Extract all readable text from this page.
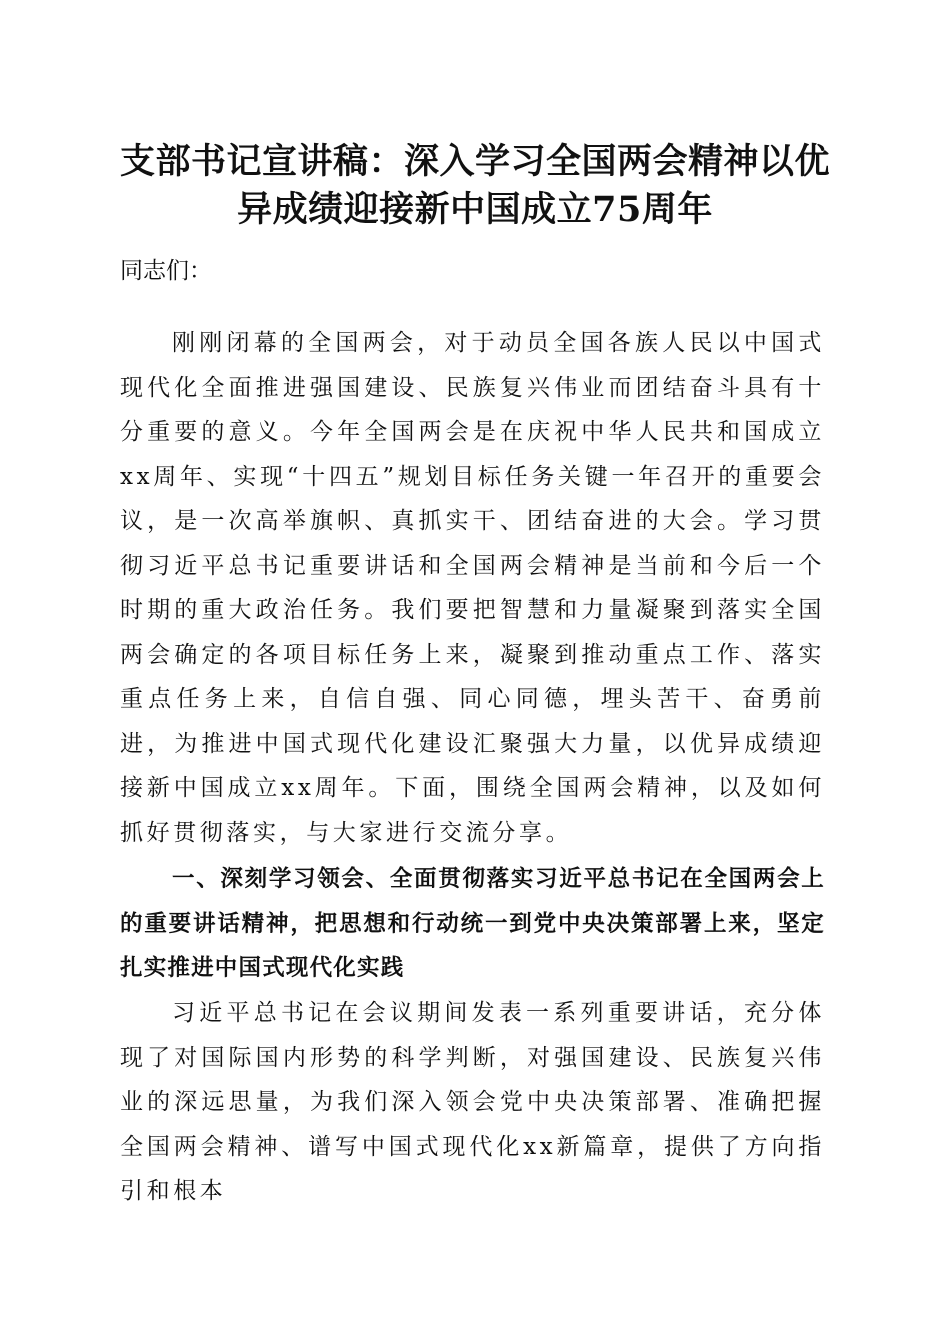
支部书记宣讲稿：深入学习全国两会精神以优
异成绩迎接新中国成立75周年

同志们：

刚刚闭幕的全国两会，对于动员全国各族人民以中国式现代化全面推进强国建设、民族复兴伟业而团结奋斗具有十分重要的意义。今年全国两会是在庆祝中华人民共和国成立xx周年、实现“十四五”规划目标任务关键一年召开的重要会议，是一次高举旗帜、真抓实干、团结奋进的大会。学习贯彻习近平总书记重要讲话和全国两会精神是当前和今后一个时期的重大政治任务。我们要把智慧和力量凝聚到落实全国两会确定的各项目标任务上来，凝聚到推动重点工作、落实重点任务上来，自信自强、同心同德，埋头苦干、奋勇前进，为推进中国式现代化建设汇聚强大力量，以优异成绩迎接新中国成立xx周年。下面，围绕全国两会精神，以及如何抓好贯彻落实，与大家进行交流分享。

一、深刻学习领会、全面贯彻落实习近平总书记在全国两会上的重要讲话精神，把思想和行动统一到党中央决策部署上来，坚定扎实推进中国式现代化实践

习近平总书记在会议期间发表一系列重要讲话，充分体现了对国际国内形势的科学判断，对强国建设、民族复兴伟业的深远思量，为我们深入领会党中央决策部署、准确把握全国两会精神、谱写中国式现代化xx新篇章，提供了方向指引和根本
